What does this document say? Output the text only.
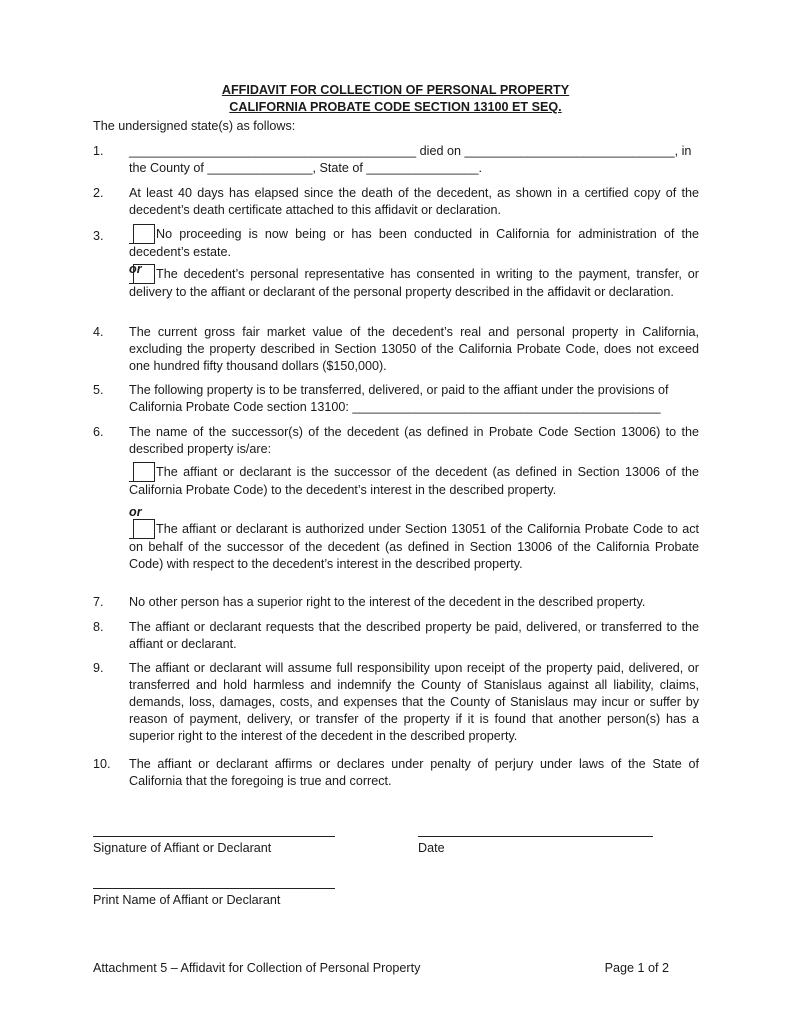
AFFIDAVIT FOR COLLECTION OF PERSONAL PROPERTY
CALIFORNIA PROBATE CODE SECTION 13100 ET SEQ.
The undersigned state(s) as follows:
1. _________________________________________ died on ______________________________, in
the County of _______________, State of ________________.
2. At least 40 days has elapsed since the death of the decedent, as shown in a certified copy of the decedent’s death certificate attached to this affidavit or declaration.
3.	No proceeding is now being or has been conducted in California for administration of the decedent’s estate.

or	The decedent’s personal representative has consented in writing to the payment, transfer, or delivery to the affiant or declarant of the personal property described in the affidavit or declaration.

4. The current gross fair market value of the decedent’s real and personal property in California, excluding the property described in Section 13050 of the California Probate Code, does not exceed one hundred fifty thousand dollars ($150,000).
5. The following property is to be transferred, delivered, or paid to the affiant under the provisions of California Probate Code section 13100: ____________________________________________
6. The name of the successor(s) of the decedent (as defined in Probate Code Section 13006) to the described property is/are:

The affiant or declarant is the successor of the decedent (as defined in Section 13006 of the California Probate Code) to the decedent’s interest in the described property.

or

The affiant or declarant is authorized under Section 13051 of the California Probate Code to act on behalf of the successor of the decedent (as defined in Section 13006 of the California Probate Code) with respect to the decedent’s interest in the described property.

7. No other person has a superior right to the interest of the decedent in the described property.
8. The affiant or declarant requests that the described property be paid, delivered, or transferred to the affiant or declarant.
9. The affiant or declarant will assume full responsibility upon receipt of the property paid, delivered, or transferred and hold harmless and indemnify the County of Stanislaus against all liability, claims, demands, loss, damages, costs, and expenses that the County of Stanislaus may incur or suffer by reason of payment, delivery, or transfer of the property if it is found that another person(s) has a superior right to the interest of the decedent in the described property.
10. The affiant or declarant affirms or declares under penalty of perjury under laws of the State of California that the foregoing is true and correct.
Signature of Affiant or Declarant	Date
Print Name of Affiant or Declarant
Attachment 5 – Affidavit for Collection of Personal Property	Page 1 of 2
